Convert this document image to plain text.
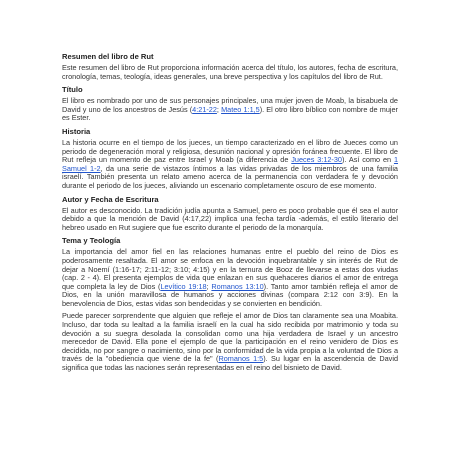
Resumen del libro de Rut

Este resumen del libro de Rut proporciona información acerca del título, los autores, fecha de escritura, cronología, temas, teología, ideas generales, una breve perspectiva y los capítulos del libro de Rut.

Título

El libro es nombrado por uno de sus personajes principales, una mujer joven de Moab, la bisabuela de David y uno de los ancestros de Jesús (4:21-22; Mateo 1:1,5). El otro libro bíblico con nombre de mujer es Ester.

Historia

La historia ocurre en el tiempo de los jueces, un tiempo caracterizado en el libro de Jueces como un periodo de degeneración moral y religiosa, desunión nacional y opresión foránea frecuente. El libro de Rut refleja un momento de paz entre Israel y Moab (a diferencia de Jueces 3:12-30). Así como en 1 Samuel 1-2, da una serie de vistazos íntimos a las vidas privadas de los miembros de una familia israelí. También presenta un relato ameno acerca de la permanencia con verdadera fe y devoción durante el periodo de los jueces, aliviando un escenario completamente oscuro de ese momento.

Autor y Fecha de Escritura

El autor es desconocido. La tradición judía apunta a Samuel, pero es poco probable que él sea el autor debido a que la mención de David (4:17,22) implica una fecha tardía -además, el estilo literario del hebreo usado en Rut sugiere que fue escrito durante el periodo de la monarquía.

Tema y Teología

La importancia del amor fiel en las relaciones humanas entre el pueblo del reino de Dios es poderosamente resaltada. El amor se enfoca en la devoción inquebrantable y sin interés de Rut de dejar a Noemí (1:16-17; 2:11-12; 3:10; 4:15) y en la ternura de Booz de llevarse a estas dos viudas (cap. 2 - 4). El presenta ejemplos de vida que enlazan en sus quehaceres diarios el amor de entrega que completa la ley de Dios (Levítico 19:18; Romanos 13:10). Tanto amor también refleja el amor de Dios, en la unión maravillosa de humanos y acciones divinas (compara 2:12 con 3:9). En la benevolencia de Dios, estas vidas son bendecidas y se convierten en bendición.

Puede parecer sorprendente que alguien que refleje el amor de Dios tan claramente sea una Moabita. Incluso, dar toda su lealtad a la familia israelí en la cual ha sido recibida por matrimonio y toda su devoción a su suegra desolada la consolidan como una hija verdadera de Israel y un ancestro merecedor de David. Ella pone el ejemplo de que la participación en el reino venidero de Dios es decidida, no por sangre o nacimiento, sino por la conformidad de la vida propia a la voluntad de Dios a través de la "obediencia que viene de la fe" (Romanos 1:5). Su lugar en la ascendencia de David significa que todas las naciones serán representadas en el reino del bisnieto de David.
